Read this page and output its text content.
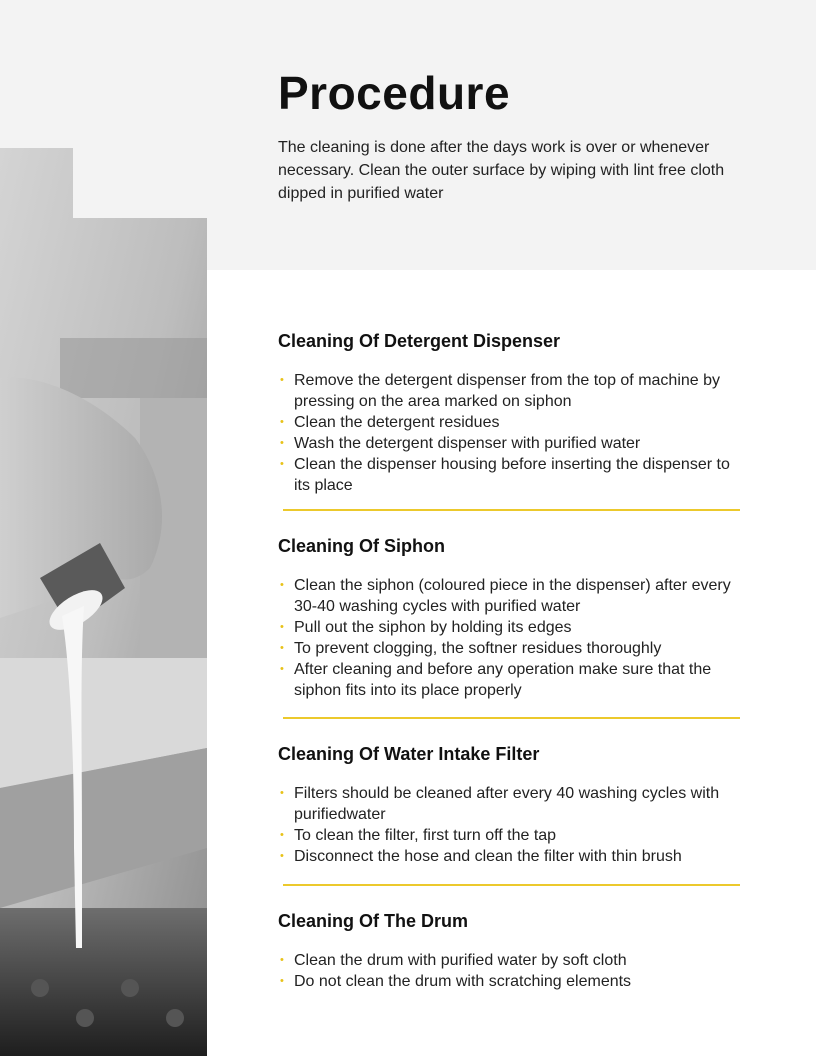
Procedure

The cleaning is done after the days work is over or whenever necessary. Clean the outer surface by wiping with lint free cloth dipped in purified water

Cleaning Of Detergent Dispenser
• Remove the detergent dispenser from the top of machine by pressing on the area marked on siphon
• Clean the detergent residues
• Wash the detergent dispenser with purified water
• Clean the dispenser housing before inserting the dispenser to its place
Cleaning Of Siphon
• Clean the siphon (coloured piece in the dispenser) after every 30-40 washing cycles with purified water
• Pull out the siphon by holding its edges
• To prevent clogging, the softner residues thoroughly
• After cleaning and before any operation make sure that the siphon fits into its place properly
Cleaning Of Water Intake Filter
• Filters should be cleaned after every 40 washing cycles with purifiedwater
• To clean the filter, first turn off the tap
• Disconnect the hose and clean the filter with thin brush
Cleaning Of The Drum
• Clean the drum with purified water by soft cloth
• Do not clean the drum with scratching elements
